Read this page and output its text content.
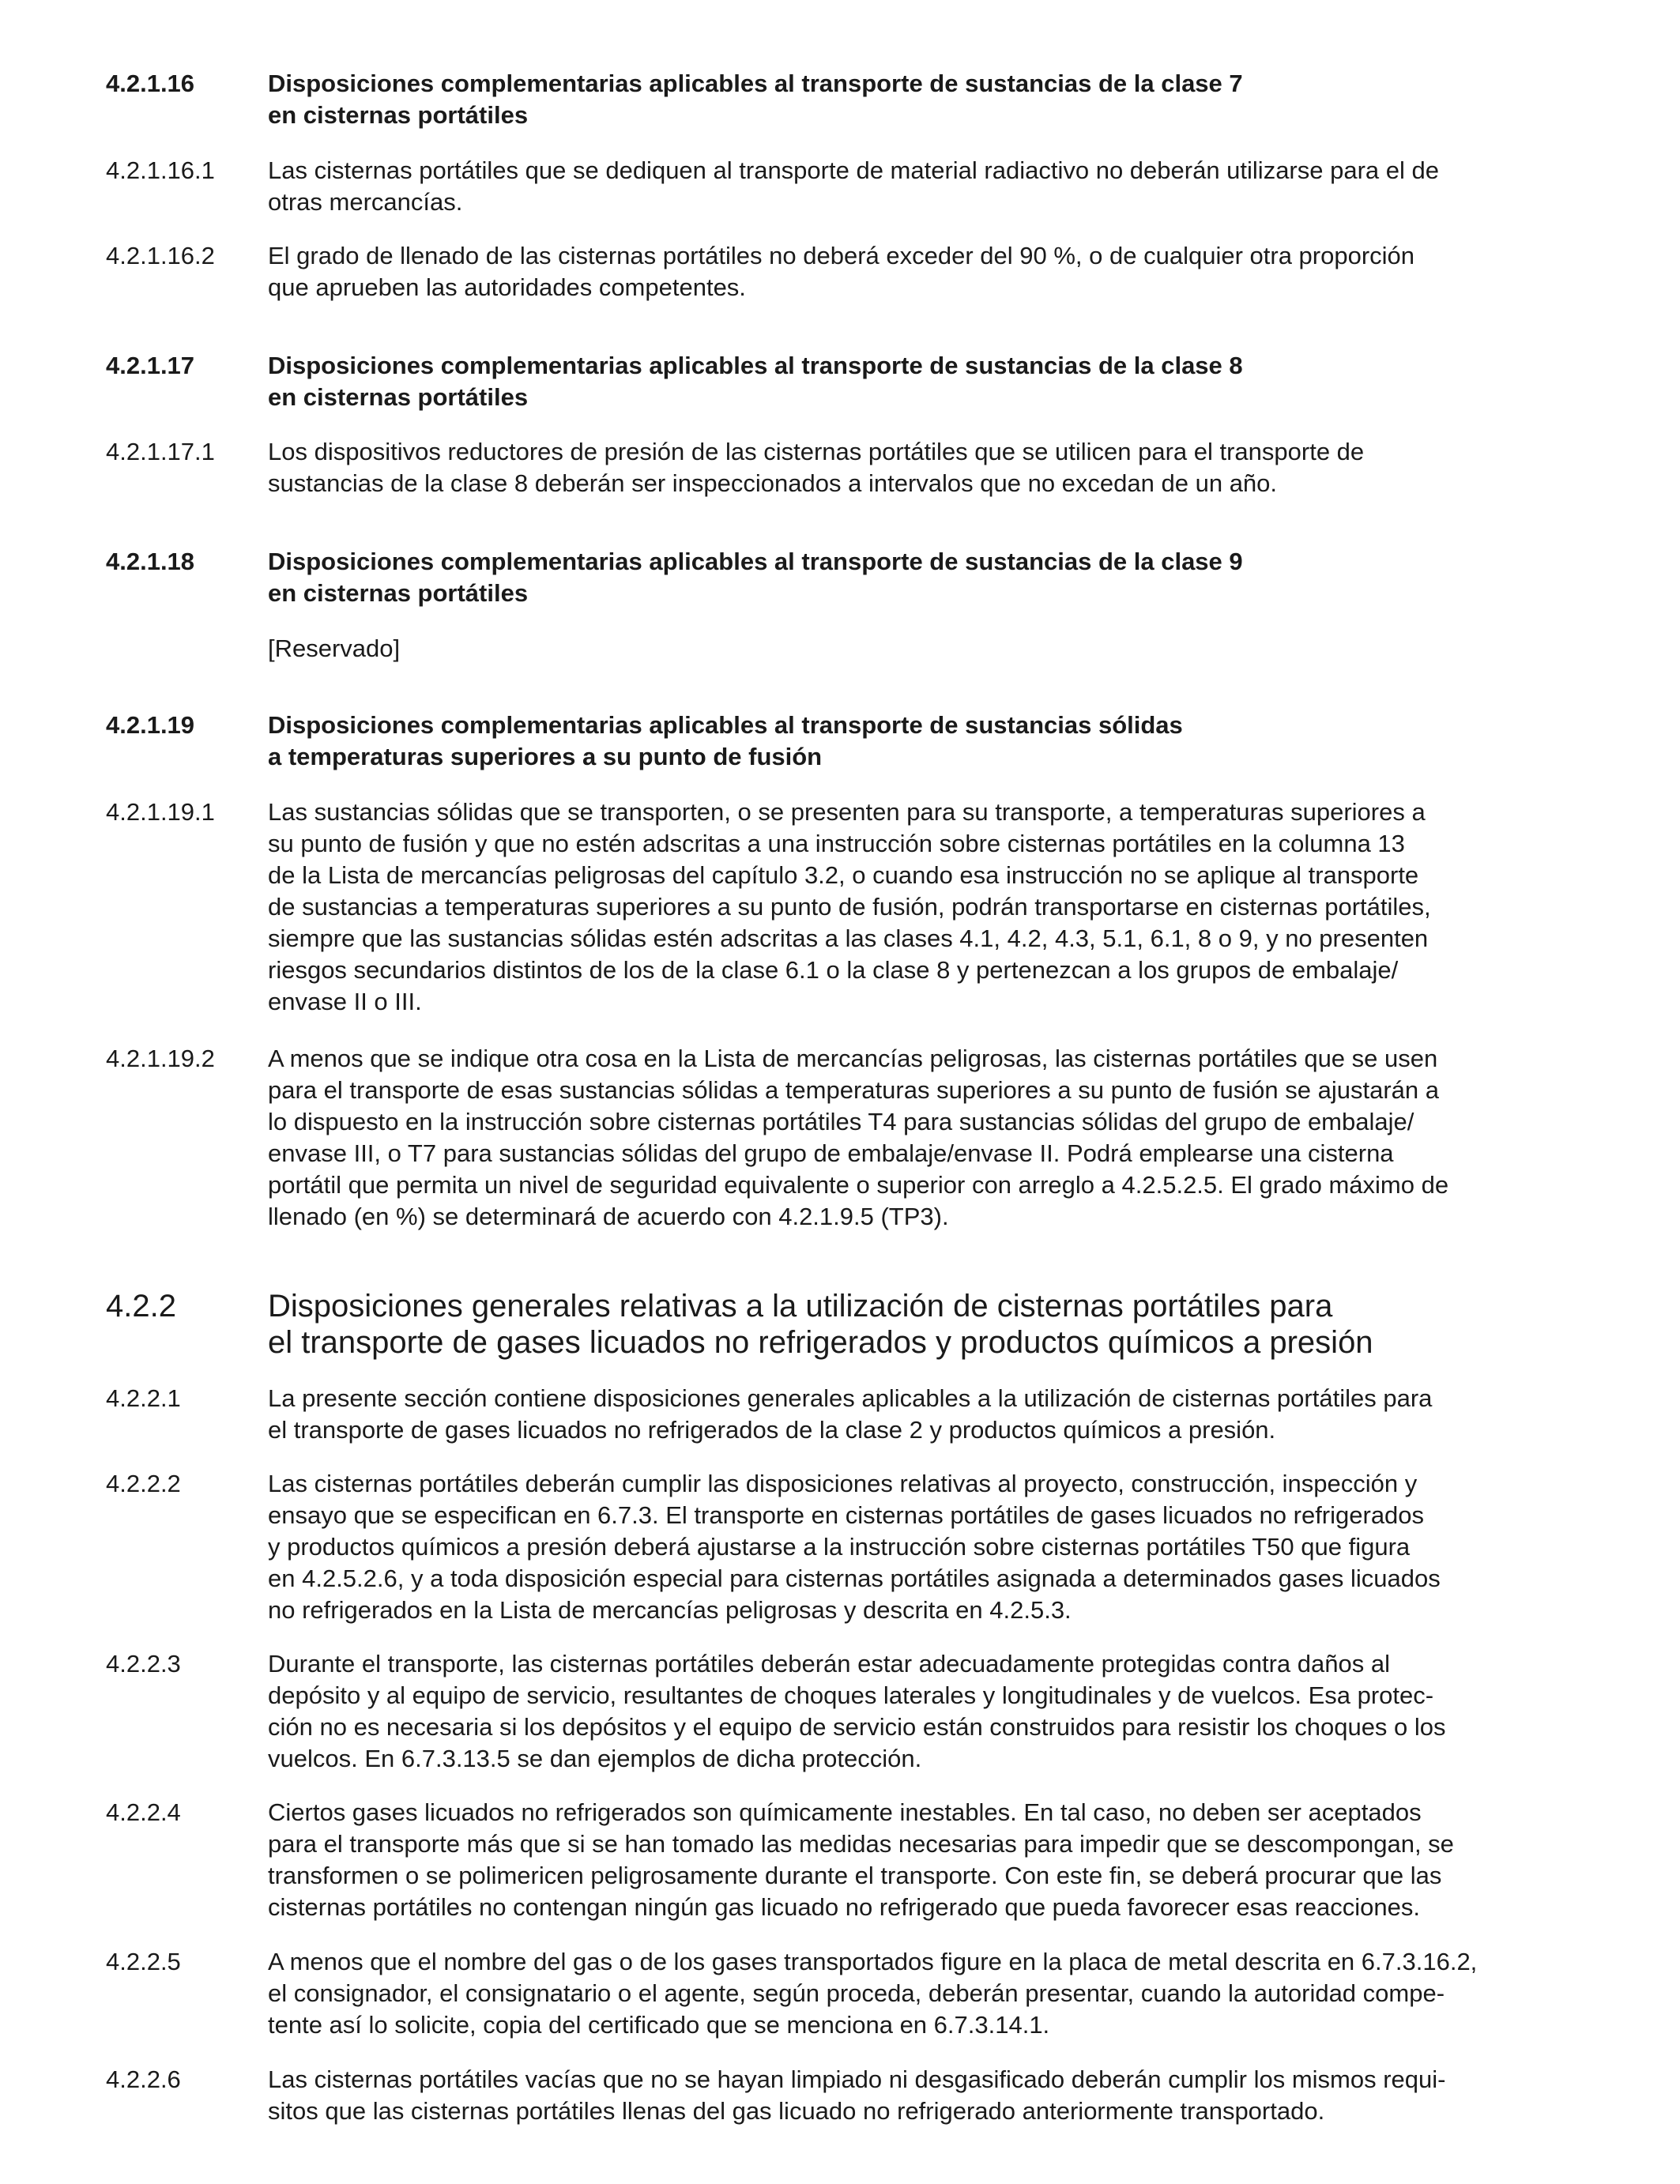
4.2.1.16	Disposiciones complementarias aplicables al transporte de sustancias de la clase 7
en cisternas portátiles
4.2.1.16.1	Las cisternas portátiles que se dediquen al transporte de material radiactivo no deberán utilizarse para el de
otras mercancías.
4.2.1.16.2	El grado de llenado de las cisternas portátiles no deberá exceder del 90 %, o de cualquier otra proporción
que aprueben las autoridades competentes.
4.2.1.17	Disposiciones complementarias aplicables al transporte de sustancias de la clase 8
en cisternas portátiles
4.2.1.17.1	Los dispositivos reductores de presión de las cisternas portátiles que se utilicen para el transporte de
sustancias de la clase 8 deberán ser inspeccionados a intervalos que no excedan de un año.
4.2.1.18	Disposiciones complementarias aplicables al transporte de sustancias de la clase 9
en cisternas portátiles
[Reservado]
4.2.1.19	Disposiciones complementarias aplicables al transporte de sustancias sólidas
a temperaturas superiores a su punto de fusión
4.2.1.19.1	Las sustancias sólidas que se transporten, o se presenten para su transporte, a temperaturas superiores a
su punto de fusión y que no estén adscritas a una instrucción sobre cisternas portátiles en la columna 13
de la Lista de mercancías peligrosas del capítulo 3.2, o cuando esa instrucción no se aplique al transporte
de sustancias a temperaturas superiores a su punto de fusión, podrán transportarse en cisternas portátiles,
siempre que las sustancias sólidas estén adscritas a las clases 4.1, 4.2, 4.3, 5.1, 6.1, 8 o 9, y no presenten
riesgos secundarios distintos de los de la clase 6.1 o la clase 8 y pertenezcan a los grupos de embalaje/
envase II o III.
4.2.1.19.2	A menos que se indique otra cosa en la Lista de mercancías peligrosas, las cisternas portátiles que se usen
para el transporte de esas sustancias sólidas a temperaturas superiores a su punto de fusión se ajustarán a
lo dispuesto en la instrucción sobre cisternas portátiles T4 para sustancias sólidas del grupo de embalaje/
envase III, o T7 para sustancias sólidas del grupo de embalaje/envase II. Podrá emplearse una cisterna
portátil que permita un nivel de seguridad equivalente o superior con arreglo a 4.2.5.2.5. El grado máximo de
llenado (en %) se determinará de acuerdo con 4.2.1.9.5 (TP3).
4.2.2	Disposiciones generales relativas a la utilización de cisternas portátiles para
el transporte de gases licuados no refrigerados y productos químicos a presión
4.2.2.1	La presente sección contiene disposiciones generales aplicables a la utilización de cisternas portátiles para
el transporte de gases licuados no refrigerados de la clase 2 y productos químicos a presión.
4.2.2.2	Las cisternas portátiles deberán cumplir las disposiciones relativas al proyecto, construcción, inspección y
ensayo que se especifican en 6.7.3. El transporte en cisternas portátiles de gases licuados no refrigerados
y productos químicos a presión deberá ajustarse a la instrucción sobre cisternas portátiles T50 que figura
en 4.2.5.2.6, y a toda disposición especial para cisternas portátiles asignada a determinados gases licuados
no refrigerados en la Lista de mercancías peligrosas y descrita en 4.2.5.3.
4.2.2.3	Durante el transporte, las cisternas portátiles deberán estar adecuadamente protegidas contra daños al
depósito y al equipo de servicio, resultantes de choques laterales y longitudinales y de vuelcos. Esa protec-
ción no es necesaria si los depósitos y el equipo de servicio están construidos para resistir los choques o los
vuelcos. En 6.7.3.13.5 se dan ejemplos de dicha protección.
4.2.2.4	Ciertos gases licuados no refrigerados son químicamente inestables. En tal caso, no deben ser aceptados
para el transporte más que si se han tomado las medidas necesarias para impedir que se descompongan, se
transformen o se polimericen peligrosamente durante el transporte. Con este fin, se deberá procurar que las
cisternas portátiles no contengan ningún gas licuado no refrigerado que pueda favorecer esas reacciones.
4.2.2.5	A menos que el nombre del gas o de los gases transportados figure en la placa de metal descrita en 6.7.3.16.2,
el consignador, el consignatario o el agente, según proceda, deberán presentar, cuando la autoridad compe-
tente así lo solicite, copia del certificado que se menciona en 6.7.3.14.1.
4.2.2.6	Las cisternas portátiles vacías que no se hayan limpiado ni desgasificado deberán cumplir los mismos requi-
sitos que las cisternas portátiles llenas del gas licuado no refrigerado anteriormente transportado.
